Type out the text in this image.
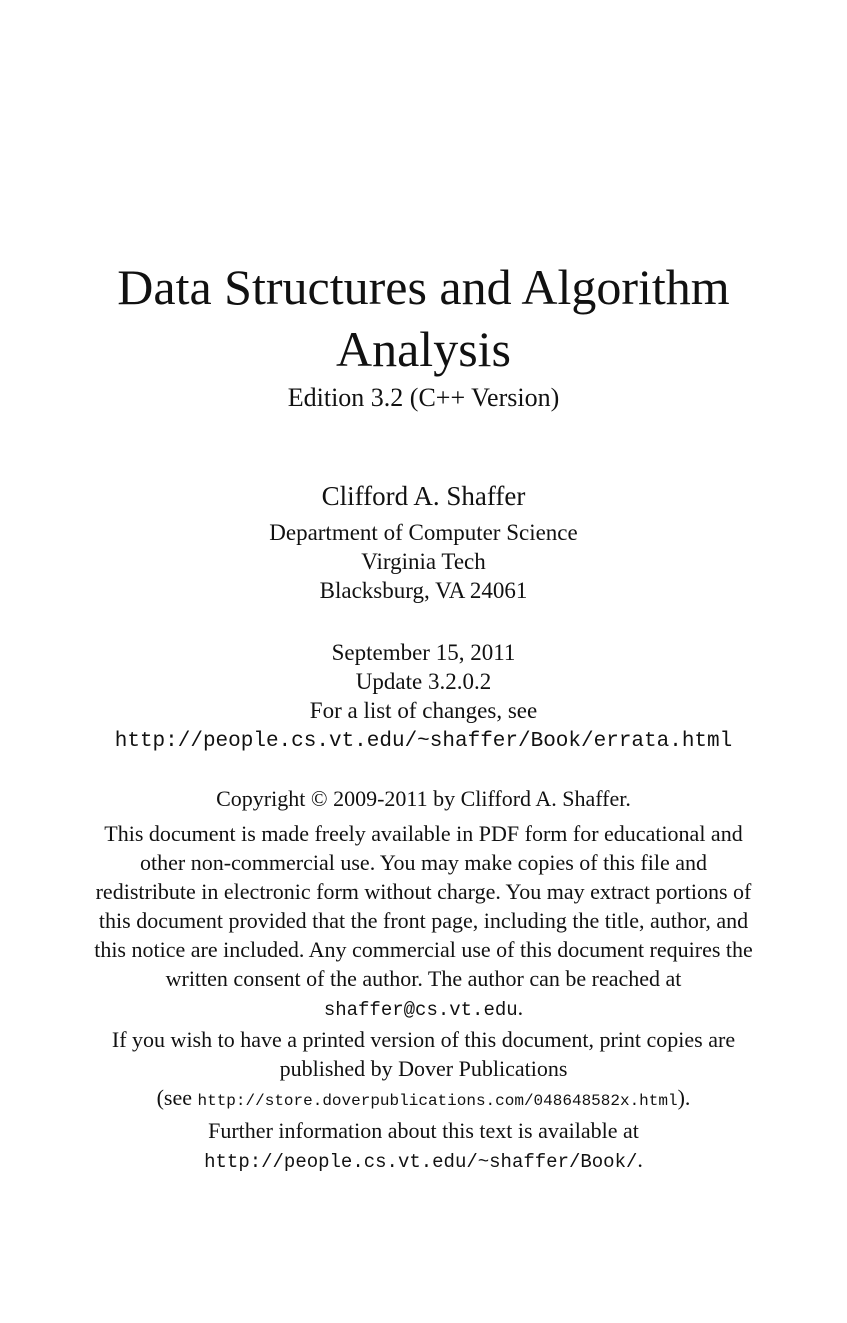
Data Structures and Algorithm
Analysis
Edition 3.2 (C++ Version)
Clifford A. Shaffer
Department of Computer Science
Virginia Tech
Blacksburg, VA 24061
September 15, 2011
Update 3.2.0.2
For a list of changes, see
http://people.cs.vt.edu/~shaffer/Book/errata.html
Copyright © 2009-2011 by Clifford A. Shaffer.
This document is made freely available in PDF form for educational and
other non-commercial use. You may make copies of this file and
redistribute in electronic form without charge. You may extract portions of
this document provided that the front page, including the title, author, and
this notice are included. Any commercial use of this document requires the
written consent of the author. The author can be reached at
shaffer@cs.vt.edu.
If you wish to have a printed version of this document, print copies are
published by Dover Publications
(see http://store.doverpublications.com/048648582x.html).
Further information about this text is available at
http://people.cs.vt.edu/~shaffer/Book/.
